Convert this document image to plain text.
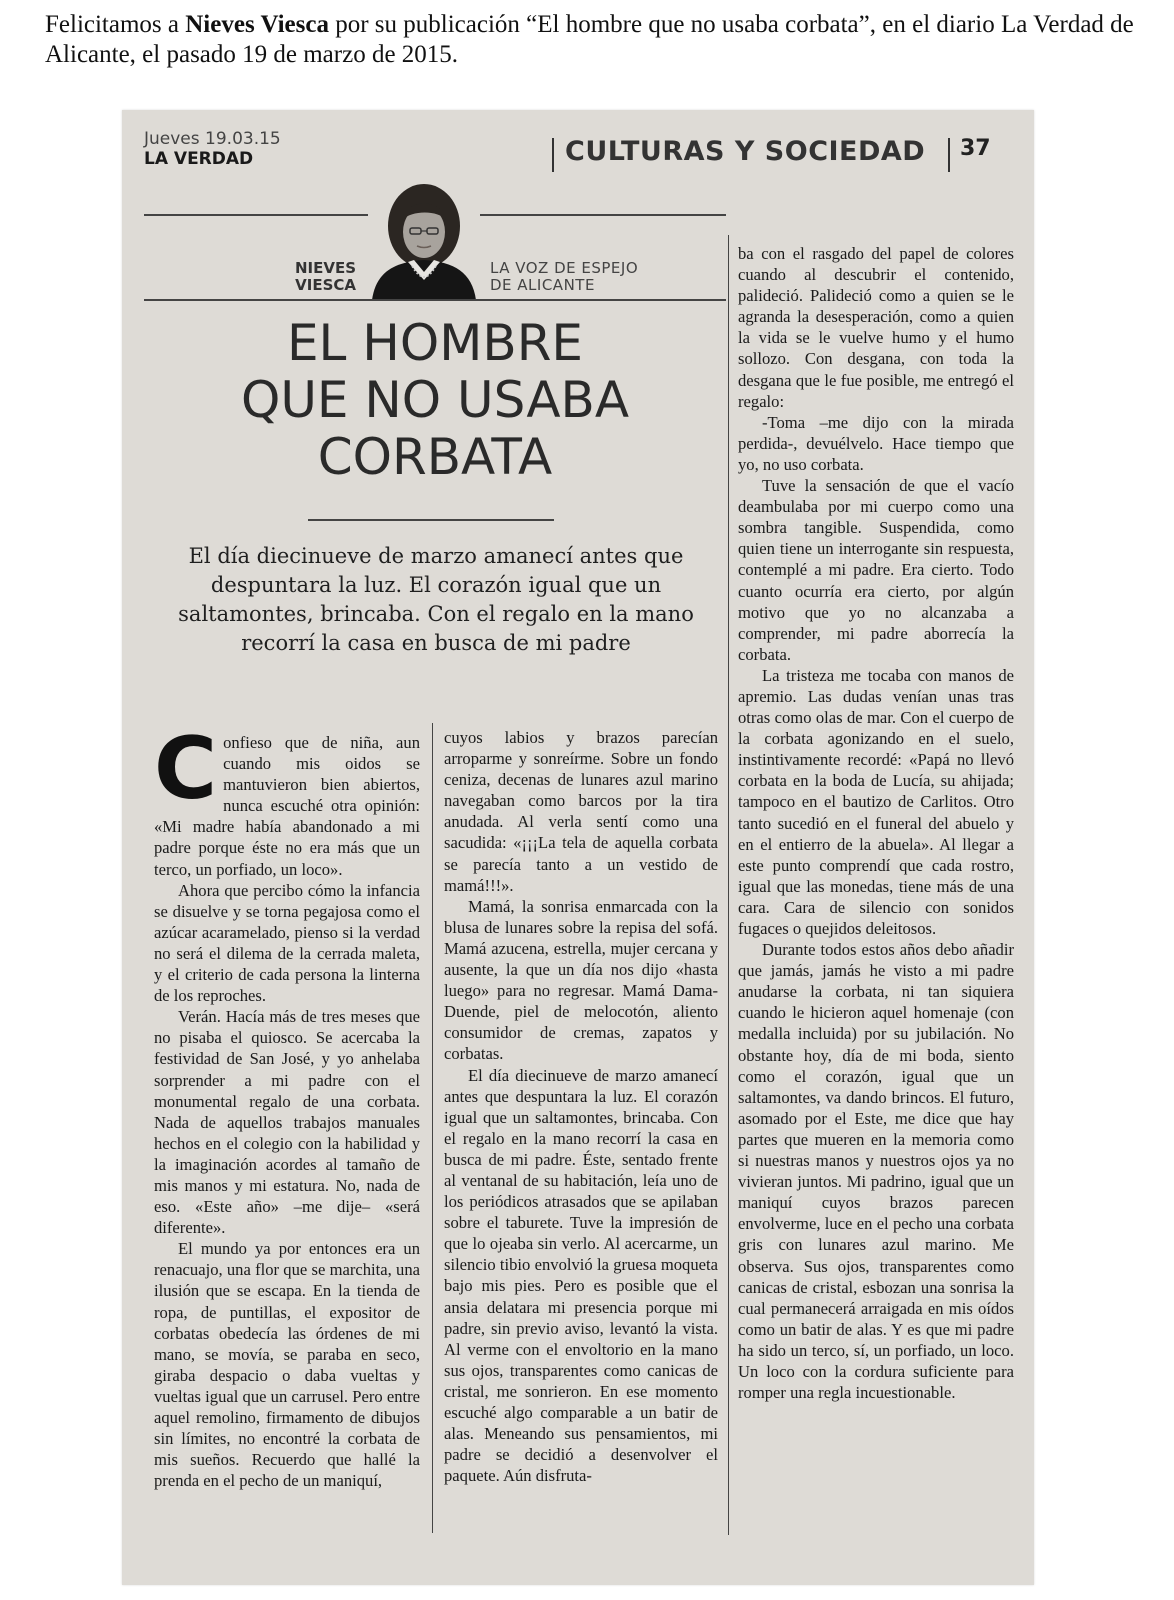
Felicitamos a Nieves Viesca por su publicación “El hombre que no usaba corbata”, en el diario La Verdad de Alicante, el pasado 19 de marzo de 2015.
Jueves 19.03.15
LA VERDAD	CULTURAS Y SOCIEDAD 37
NIEVES
VIESCA
LA VOZ DE ESPEJO
DE ALICANTE
EL HOMBRE
QUE NO USABA
CORBATA
El día diecinueve de marzo amanecí antes que despuntara la luz. El corazón igual que un saltamontes, brincaba. Con el regalo en la mano recorrí la casa en busca de mi padre

Confieso que de niña, aun cuando mis oidos se mantuvieron bien abiertos, nunca escuché otra opinión: «Mi madre había abandonado a mi padre porque éste no era más que un terco, un porfiado, un loco».

Ahora que percibo cómo la infancia se disuelve y se torna pegajosa como el azúcar acaramelado, pienso si la verdad no será el dilema de la cerrada maleta, y el criterio de cada persona la linterna de los reproches.

Verán. Hacía más de tres meses que no pisaba el quiosco. Se acercaba la festividad de San José, y yo anhelaba sorprender a mi padre con el monumental regalo de una corbata. Nada de aquellos trabajos manuales hechos en el colegio con la habilidad y la imaginación acordes al tamaño de mis manos y mi estatura. No, nada de eso. «Este año» –me dije– «será diferente».

El mundo ya por entonces era un renacuajo, una flor que se marchita, una ilusión que se escapa. En la tienda de ropa, de puntillas, el expositor de corbatas obedecía las órdenes de mi mano, se movía, se paraba en seco, giraba despacio o daba vueltas y vueltas igual que un carrusel. Pero entre aquel remolino, firmamento de dibujos sin límites, no encontré la corbata de mis sueños. Recuerdo que hallé la prenda en el pecho de un maniquí,

cuyos labios y brazos parecían arroparme y sonreírme. Sobre un fondo ceniza, decenas de lunares azul marino navegaban como barcos por la tira anudada. Al verla sentí como una sacudida: «¡¡¡La tela de aquella corbata se parecía tanto a un vestido de mamá!!!».

Mamá, la sonrisa enmarcada con la blusa de lunares sobre la repisa del sofá. Mamá azucena, estrella, mujer cercana y ausente, la que un día nos dijo «hasta luego» para no regresar. Mamá Dama-Duende, piel de melocotón, aliento consumidor de cremas, zapatos y corbatas.

El día diecinueve de marzo amanecí antes que despuntara la luz. El corazón igual que un saltamontes, brincaba. Con el regalo en la mano recorrí la casa en busca de mi padre. Éste, sentado frente al ventanal de su habitación, leía uno de los periódicos atrasados que se apilaban sobre el taburete. Tuve la impresión de que lo ojeaba sin verlo. Al acercarme, un silencio tibio envolvió la gruesa moqueta bajo mis pies. Pero es posible que el ansia delatara mi presencia porque mi padre, sin previo aviso, levantó la vista. Al verme con el envoltorio en la mano sus ojos, transparentes como canicas de cristal, me sonrieron. En ese momento escuché algo comparable a un batir de alas. Meneando sus pensamientos, mi padre se decidió a desenvolver el paquete. Aún disfruta-

ba con el rasgado del papel de colores cuando al descubrir el contenido, palideció. Palideció como a quien se le agranda la desesperación, como a quien la vida se le vuelve humo y el humo sollozo. Con desgana, con toda la desgana que le fue posible, me entregó el regalo:

-Toma –me dijo con la mirada perdida-, devuélvelo. Hace tiempo que yo, no uso corbata.

Tuve la sensación de que el vacío deambulaba por mi cuerpo como una sombra tangible. Suspendida, como quien tiene un interrogante sin respuesta, contemplé a mi padre. Era cierto. Todo cuanto ocurría era cierto, por algún motivo que yo no alcanzaba a comprender, mi padre aborrecía la corbata.

La tristeza me tocaba con manos de apremio. Las dudas venían unas tras otras como olas de mar. Con el cuerpo de la corbata agonizando en el suelo, instintivamente recordé: «Papá no llevó corbata en la boda de Lucía, su ahijada; tampoco en el bautizo de Carlitos. Otro tanto sucedió en el funeral del abuelo y en el entierro de la abuela». Al llegar a este punto comprendí que cada rostro, igual que las monedas, tiene más de una cara. Cara de silencio con sonidos fugaces o quejidos deleitosos.

Durante todos estos años debo añadir que jamás, jamás he visto a mi padre anudarse la corbata, ni tan siquiera cuando le hicieron aquel homenaje (con medalla incluida) por su jubilación. No obstante hoy, día de mi boda, siento como el corazón, igual que un saltamontes, va dando brincos. El futuro, asomado por el Este, me dice que hay partes que mueren en la memoria como si nuestras manos y nuestros ojos ya no vivieran juntos. Mi padrino, igual que un maniquí cuyos brazos parecen envolverme, luce en el pecho una corbata gris con lunares azul marino. Me observa. Sus ojos, transparentes como canicas de cristal, esbozan una sonrisa la cual permanecerá arraigada en mis oídos como un batir de alas. Y es que mi padre ha sido un terco, sí, un porfiado, un loco. Un loco con la cordura suficiente para romper una regla incuestionable.
